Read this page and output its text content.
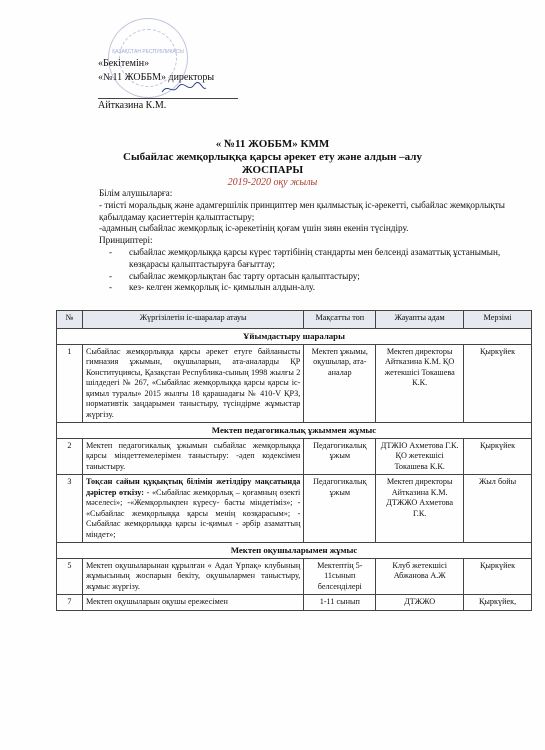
ҚАЗАҚСТАН РЕСПУБЛИКАСЫ
«Бекітемін»
«№11 ЖОББМ» директоры
Айтказина К.М.
« №11 ЖОББМ» КММ
Сыбайлас жемқорлыққа қарсы әрекет ету және алдын –алу
ЖОСПАРЫ
2019-2020 оқу жылы

Білім алушыларға:

- тиісті моральдық және адамгершілік принциптер мен қылмыстық іс-әрекетті, сыбайлас жемқорлықты қабылдамау қасиеттерін қалыптастыру;

-адамның сыбайлас жемқорлық іс-әрекетінің қоғам үшін зиян екенін түсіндіру.

Принциптері:

- сыбайлас жемқорлыққа қарсы күрес тәртібінің стандарты мен белсенді азаматтық ұстанымын, көзқарасы қалыптастыруға бағыттау;
- сыбайлас жемқорлықтан бас тарту ортасын қалыптастыру;
- кез- келген жемқорлық іс- қимылын алдын-алу.
№	Жүргізілетін іс-шаралар атауы	Мақсатты топ	Жауапты адам	Мерзімі
Ұйымдастыру шаралары				
1	Сыбайлас жемқорлыққа қарсы әрекет етуге байланысты гимназия ұжымын, оқушыларын, ата-аналарды ҚР Конституциясы, Қазақстан Республика-сының 1998 жылғы 2 шілдедегі № 267, «Сыбайлас жемқорлыққа қарсы қарсы іс-қимыл туралы» 2015 жылғы 18 қарашадағы № 410-V ҚРЗ, нормативтік заңдарымен таныстыру, түсіндірме жұмыстар жүргізу.	Мектеп ұжымы, оқушылар, ата-аналар	Мектеп директоры Айтказина К.М. ҚО жетекшісі Токашева К.К.	Қыркүйек
Мектеп педагогикалық ұжыммен жұмыс				
2	Мектеп педагогикалық ұжымын сыбайлас жемқорлыққа қарсы міндеттемелерімен таныстыру: -әдеп кодексімен таныстыру.	Педагогикалық ұжым	ДТЖІО Ахметова Г.К. ҚО жетекшісі Токашева К.К.	Қыркүйек
3	Тоқсан сайын құқықтық білімін жетілдіру мақсатында дәрістер өткізу: - «Сыбайлас жемқорлық – қоғамның өзекті мәселесі»; -«Жемқорлықпен күресу- басты міндетіміз»; - «Сыбайлас жемқорлыққа қарсы менің көзқарасым»; - Сыбайлас жемқорлыққа қарсы іс-қимыл - әрбір азаматтың міндет»;	Педагогикалық ұжым	Мектеп директоры Айтказина К.М. ДТЖЖО Ахметова Г.К.	Жыл бойы
Мектеп оқушыларымен жұмыс				
5	Мектеп оқушыларынан құрылған « Адал Ұрпақ» клубының жұмысының жоспарын бекіту, оқушылармен таныстыру, жұмыс жүргізу.	Мектептің 5-11сынып белсенділері	Клуб жетекшісі Абжанова А.Ж	Қыркүйек
7	Мектеп оқушыларын оқушы ережесімен	1-11 сынып	ДТЖЖО	Қыркүйек,
